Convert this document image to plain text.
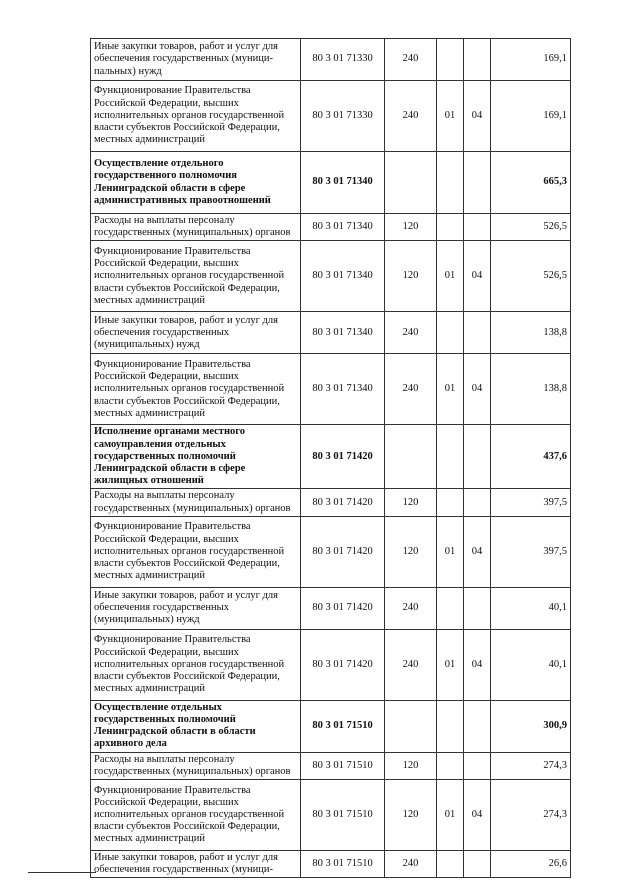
Иные закупки товаров, работ и услуг для обеспечения государственных (муници-пальных) нужд	80 3 01 71330	240			169,1
Функционирование Правительства Российской Федерации, высших исполнительных органов государственной власти субъектов Российской Федерации, местных администраций	80 3 01 71330	240	01	04	169,1
Осуществление отдельного государственного полномочия Ленинградской области в сфере административных правоотношений	80 3 01 71340				665,3
Расходы на выплаты персоналу государственных (муниципальных) органов	80 3 01 71340	120			526,5
Функционирование Правительства Российской Федерации, высших исполнительных органов государственной власти субъектов Российской Федерации, местных администраций	80 3 01 71340	120	01	04	526,5
Иные закупки товаров, работ и услуг для обеспечения государственных (муниципальных) нужд	80 3 01 71340	240			138,8
Функционирование Правительства Российской Федерации, высших исполнительных органов государственной власти субъектов Российской Федерации, местных администраций	80 3 01 71340	240	01	04	138,8
Исполнение органами местного самоуправления отдельных государственных полномочий Ленинградской области в сфере жилищных отношений	80 3 01 71420				437,6
Расходы на выплаты персоналу государственных (муниципальных) органов	80 3 01 71420	120			397,5
Функционирование Правительства Российской Федерации, высших исполнительных органов государственной власти субъектов Российской Федерации, местных администраций	80 3 01 71420	120	01	04	397,5
Иные закупки товаров, работ и услуг для обеспечения государственных (муниципальных) нужд	80 3 01 71420	240			40,1
Функционирование Правительства Российской Федерации, высших исполнительных органов государственной власти субъектов Российской Федерации, местных администраций	80 3 01 71420	240	01	04	40,1
Осуществление отдельных государственных полномочий Ленинградской области в области архивного дела	80 3 01 71510				300,9
Расходы на выплаты персоналу государственных (муниципальных) органов	80 3 01 71510	120			274,3
Функционирование Правительства Российской Федерации, высших исполнительных органов государственной власти субъектов Российской Федерации, местных администраций	80 3 01 71510	120	01	04	274,3
Иные закупки товаров, работ и услуг для обеспечения государственных (муници-	80 3 01 71510	240			26,6
